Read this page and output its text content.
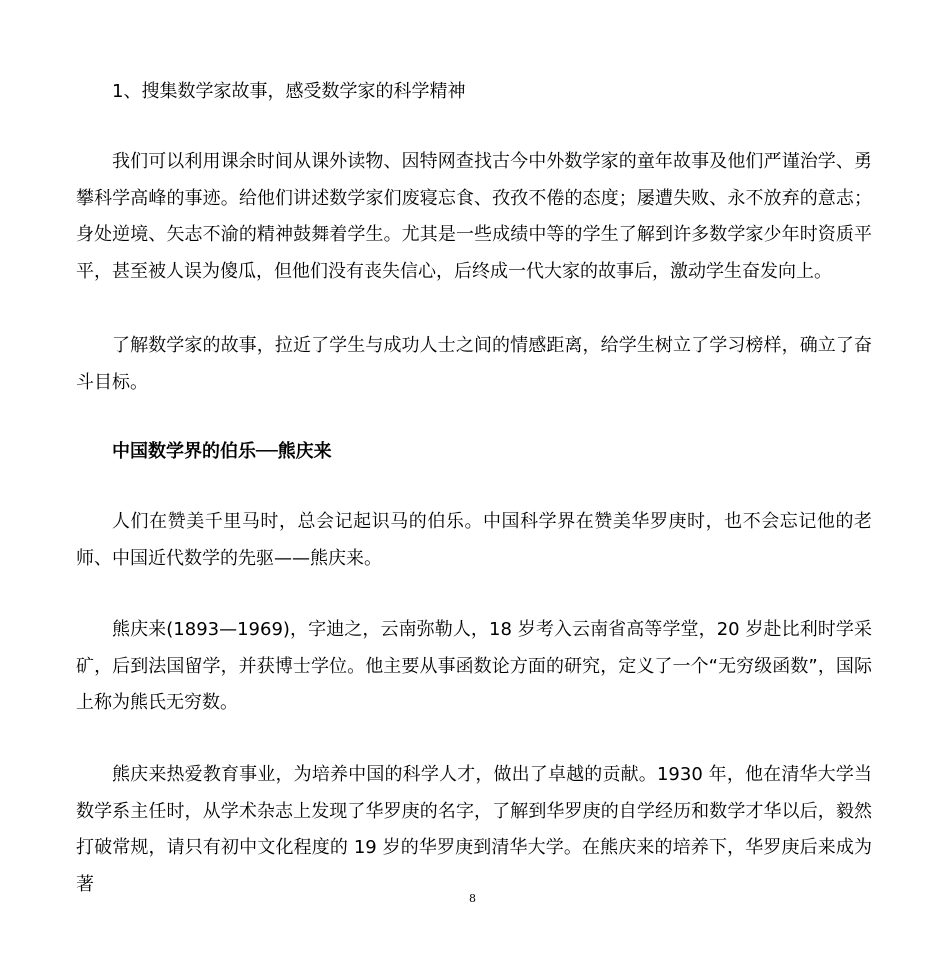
1、搜集数学家故事，感受数学家的科学精神

我们可以利用课余时间从课外读物、因特网查找古今中外数学家的童年故事及他们严谨治学、勇攀科学高峰的事迹。给他们讲述数学家们废寝忘食、孜孜不倦的态度；屡遭失败、永不放弃的意志；身处逆境、矢志不渝的精神鼓舞着学生。尤其是一些成绩中等的学生了解到许多数学家少年时资质平平，甚至被人误为傻瓜，但他们没有丧失信心，后终成一代大家的故事后，激动学生奋发向上。

了解数学家的故事，拉近了学生与成功人士之间的情感距离，给学生树立了学习榜样，确立了奋斗目标。

中国数学界的伯乐──熊庆来

人们在赞美千里马时，总会记起识马的伯乐。中国科学界在赞美华罗庚时，也不会忘记他的老师、中国近代数学的先驱——熊庆来。

熊庆来(1893—1969)，字迪之，云南弥勒人，18 岁考入云南省高等学堂，20 岁赴比利时学采矿，后到法国留学，并获博士学位。他主要从事函数论方面的研究，定义了一个“无穷级函数”，国际上称为熊氏无穷数。

熊庆来热爱教育事业，为培养中国的科学人才，做出了卓越的贡献。1930 年，他在清华大学当数学系主任时，从学术杂志上发现了华罗庚的名字，了解到华罗庚的自学经历和数学才华以后，毅然打破常规，请只有初中文化程度的 19 岁的华罗庚到清华大学。在熊庆来的培养下，华罗庚后来成为著

8
